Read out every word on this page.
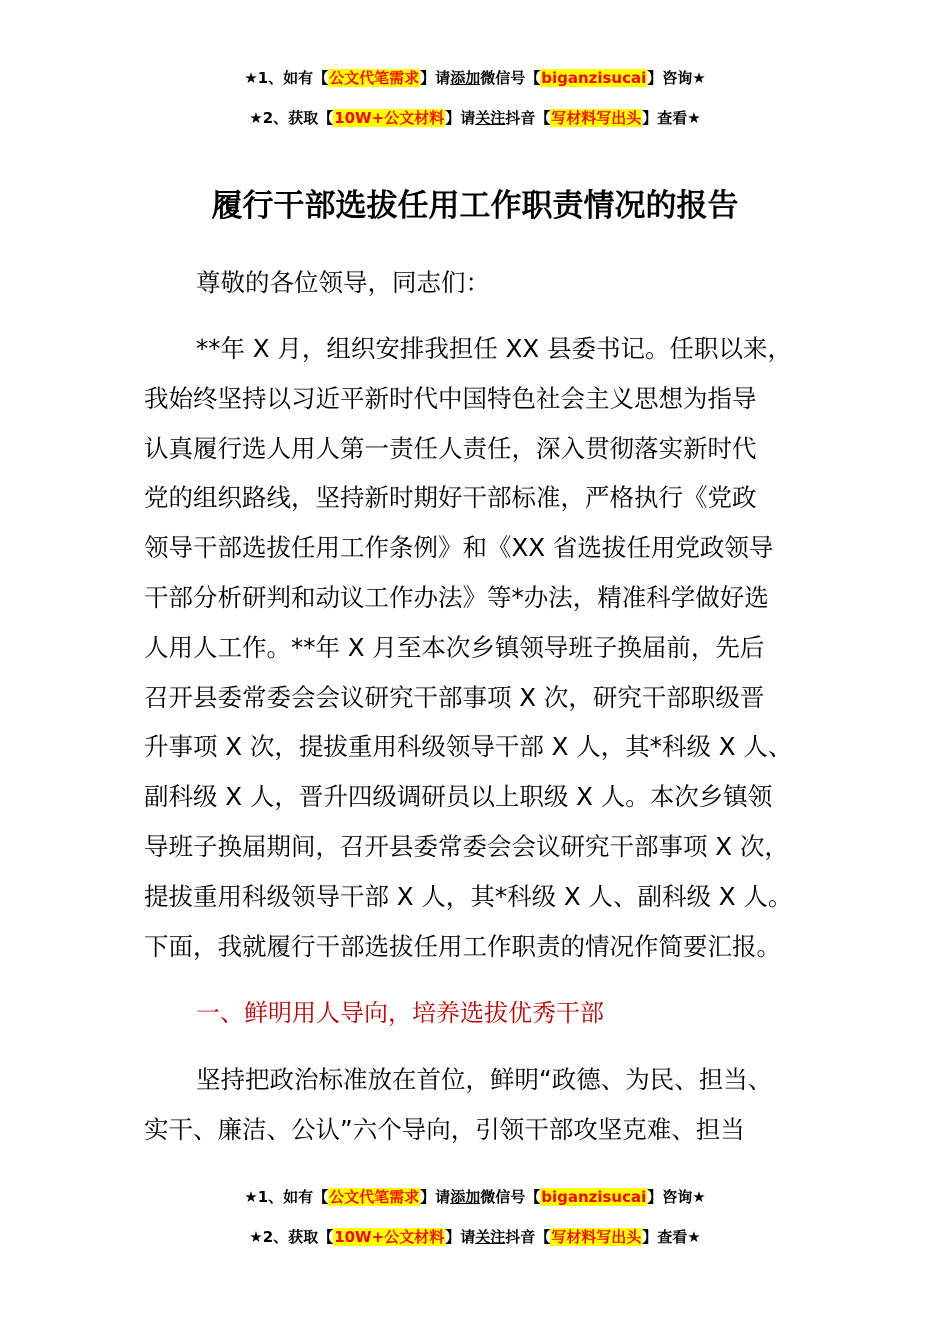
★1、如有【公文代笔需求】请添加微信号【biganzisucai】咨询★
★2、获取【10W+公文材料】请关注抖音【写材料写出头】查看★
履行干部选拔任用工作职责情况的报告
尊敬的各位领导，同志们：
**年 X 月，组织安排我担任 XX 县委书记。任职以来，
我始终坚持以习近平新时代中国特色社会主义思想为指导
认真履行选人用人第一责任人责任，深入贯彻落实新时代
党的组织路线，坚持新时期好干部标准，严格执行《党政
领导干部选拔任用工作条例》和《XX 省选拔任用党政领导
干部分析研判和动议工作办法》等*办法，精准科学做好选
人用人工作。**年 X 月至本次乡镇领导班子换届前，先后
召开县委常委会会议研究干部事项 X 次，研究干部职级晋
升事项 X 次，提拔重用科级领导干部 X 人，其*科级 X 人、
副科级 X 人，晋升四级调研员以上职级 X 人。本次乡镇领
导班子换届期间，召开县委常委会会议研究干部事项 X 次，
提拔重用科级领导干部 X 人，其*科级 X 人、副科级 X 人。
下面，我就履行干部选拔任用工作职责的情况作简要汇报。
一、鲜明用人导向，培养选拔优秀干部
坚持把政治标准放在首位，鲜明“政德、为民、担当、
实干、廉洁、公认”六个导向，引领干部攻坚克难、担当
★1、如有【公文代笔需求】请添加微信号【biganzisucai】咨询★
★2、获取【10W+公文材料】请关注抖音【写材料写出头】查看★
